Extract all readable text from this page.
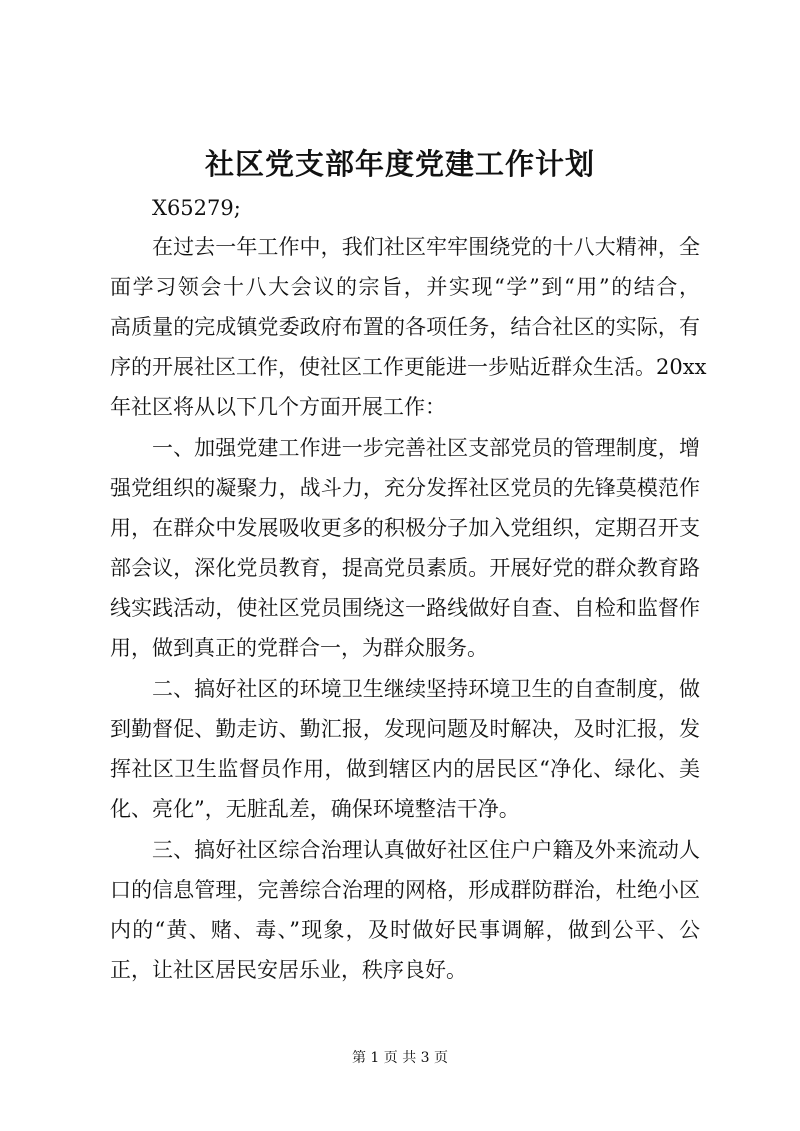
社区党支部年度党建工作计划
X65279;
在过去一年工作中，我们社区牢牢围绕党的十八大精神，全
面学习领会十八大会议的宗旨，并实现“学”到“用”的结合，
高质量的完成镇党委政府布置的各项任务，结合社区的实际，有
序的开展社区工作，使社区工作更能进一步贴近群众生活。20xx
年社区将从以下几个方面开展工作：
一、加强党建工作进一步完善社区支部党员的管理制度，增
强党组织的凝聚力，战斗力，充分发挥社区党员的先锋莫模范作
用，在群众中发展吸收更多的积极分子加入党组织，定期召开支
部会议，深化党员教育，提高党员素质。开展好党的群众教育路
线实践活动，使社区党员围绕这一路线做好自查、自检和监督作
用，做到真正的党群合一，为群众服务。
二、搞好社区的环境卫生继续坚持环境卫生的自查制度，做
到勤督促、勤走访、勤汇报，发现问题及时解决，及时汇报，发
挥社区卫生监督员作用，做到辖区内的居民区“净化、绿化、美
化、亮化”，无脏乱差，确保环境整洁干净。
三、搞好社区综合治理认真做好社区住户户籍及外来流动人
口的信息管理，完善综合治理的网格，形成群防群治，杜绝小区
内的“黄、赌、毒、”现象，及时做好民事调解，做到公平、公
正，让社区居民安居乐业，秩序良好。
第 1 页 共 3 页
